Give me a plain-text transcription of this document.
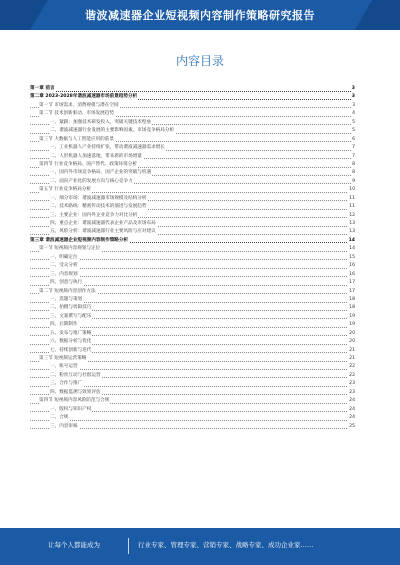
谐波减速器企业短视频内容制作策略研究报告
内容目录
第一章 前言	3
第二章 2023-2028年谐波减速器市场前景趋势分析	3
第一节 市场需求、消费规模与潜在空间	3
第二节 技术创新驱动、市场发展趋势	4
一、紧跟：加强技术研发投入，突破关键技术壁垒	5
二、谐波减速器行业发展的主要影响因素，市场竞争格局分析	5
第三节 大数据与人工智能应用的前景	6
一、工业机器人产业持续扩张，带动谐波减速器需求增长	7
二、人形机器人加速落地，带来新的市场增量	7
第四节 行业竞争格局、国产替代、政策环境分析	8
一、国内外市场竞争格局，国产企业的突破与机遇	8
二、面向产业化的发展方向与核心竞争力	9
第五节 行业竞争格局分析	10
一、细分市场：谐波减速器市场规模及结构分析	11
二、技术路线：精密传动技术的演进与发展趋势	11
三、主要企业：国内外企业竞争力对比分析	12
四、重点企业：谐波减速器代表企业产品及市场布局	13
五、风险分析：谐波减速器行业主要风险与应对建议	13
第三章 谐波减速器企业短视频内容制作策略分析	14
第一节 短视频内容规划与定位	14
一、明确定位	15
二、受众分析	16
三、内容规划	16
四、创意与执行	17
第二节 短视频内容创作方法	17
一、选题与策划	18
二、拍摄与剪辑技巧	18
三、文案撰写与配乐	19
四、后期制作	19
五、发布与推广策略	20
六、数据分析与优化	20
七、持续创新与迭代	21
第三节 短视频运营策略	21
一、账号运营	22
二、粉丝互动与社群运营	22
三、合作与推广	23
四、数据监测与效果评估	23
第四节 短视频内容风险防范与合规	24
一、版权与知识产权	24
二、合规	24
三、内容审核	25
让每个人都能成为	行业专家、管理专家、营销专家、战略专家、成功企业家……
